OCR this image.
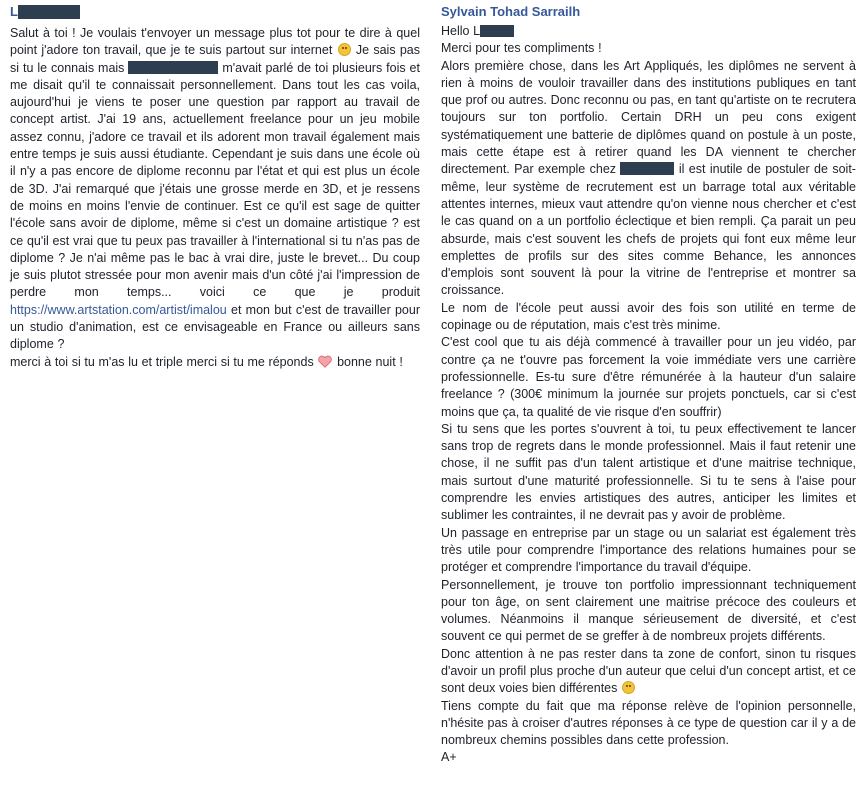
L

Salut à toi ! Je voulais t'envoyer un message plus tot pour te dire à quel point j'adore ton travail, que je te suis partout sur internet Je sais pas si tu le connais mais	m'avait parlé de toi plusieurs fois et me disait qu'il te connaissait personnellement. Dans tout les cas voila, aujourd'hui je viens te poser une question par rapport au travail de concept artist. J'ai 19 ans, actuellement freelance pour un jeu mobile assez connu, j'adore ce travail et ils adorent mon travail également mais entre temps je suis aussi étudiante. Cependant je suis dans une école où il n'y a pas encore de diplome reconnu par l'état et qui est plus un école de 3D. J'ai remarqué que j'étais une grosse merde en 3D, et je ressens de moins en moins l'envie de continuer. Est ce qu'il est sage de quitter l'école sans avoir de diplome, même si c'est un domaine artistique ? est ce qu'il est vrai que tu peux pas travailler à l'international si tu n'as pas de diplome ? Je n'ai même pas le bac à vrai dire, juste le brevet... Du coup je suis plutot stressée pour mon avenir mais d'un côté j'ai l'impression de perdre mon temps... voici ce que je produit https://www.artstation.com/artist/imalou et mon but c'est de travailler pour un studio d'animation, est ce envisageable en France ou ailleurs sans diplome ?

merci à toi si tu m'as lu et triple merci si tu me réponds bonne nuit !

Sylvain Tohad Sarrailh

Hello L

Merci pour tes compliments !

Alors première chose, dans les Art Appliqués, les diplômes ne servent à rien à moins de vouloir travailler dans des institutions publiques en tant que prof ou autres. Donc reconnu ou pas, en tant qu'artiste on te recrutera toujours sur ton portfolio. Certain DRH un peu cons exigent systématiquement une batterie de diplômes quand on postule à un poste, mais cette étape est à retirer quand les DA viennent te chercher directement. Par exemple chez	il est inutile de postuler de soit-même, leur système de recrutement est un barrage total aux véritable attentes internes, mieux vaut attendre qu'on vienne nous chercher et c'est le cas quand on a un portfolio éclectique et bien rempli. Ça parait un peu absurde, mais c'est souvent les chefs de projets qui font eux même leur emplettes de profils sur des sites comme Behance, les annonces d'emplois sont souvent là pour la vitrine de l'entreprise et montrer sa croissance.

Le nom de l'école peut aussi avoir des fois son utilité en terme de copinage ou de réputation, mais c'est très minime.

C'est cool que tu ais déjà commencé à travailler pour un jeu vidéo, par contre ça ne t'ouvre pas forcement la voie immédiate vers une carrière professionnelle. Es-tu sure d'être rémunérée à la hauteur d'un salaire freelance ? (300€ minimum la journée sur projets ponctuels, car si c'est moins que ça, ta qualité de vie risque d'en souffrir)

Si tu sens que les portes s'ouvrent à toi, tu peux effectivement te lancer sans trop de regrets dans le monde professionnel. Mais il faut retenir une chose, il ne suffit pas d'un talent artistique et d'une maitrise technique, mais surtout d'une maturité professionnelle. Si tu te sens à l'aise pour comprendre les envies artistiques des autres, anticiper les limites et sublimer les contraintes, il ne devrait pas y avoir de problème.

Un passage en entreprise par un stage ou un salariat est également très très utile pour comprendre l'importance des relations humaines pour se protéger et comprendre l'importance du travail d'équipe.

Personnellement, je trouve ton portfolio impressionnant techniquement pour ton âge, on sent clairement une maitrise précoce des couleurs et volumes. Néanmoins il manque sérieusement de diversité, et c'est souvent ce qui permet de se greffer à de nombreux projets différents.

Donc attention à ne pas rester dans ta zone de confort, sinon tu risques d'avoir un profil plus proche d'un auteur que celui d'un concept artist, et ce sont deux voies bien différentes

Tiens compte du fait que ma réponse relève de l'opinion personnelle, n'hésite pas à croiser d'autres réponses à ce type de question car il y a de nombreux chemins possibles dans cette profession.

A+
